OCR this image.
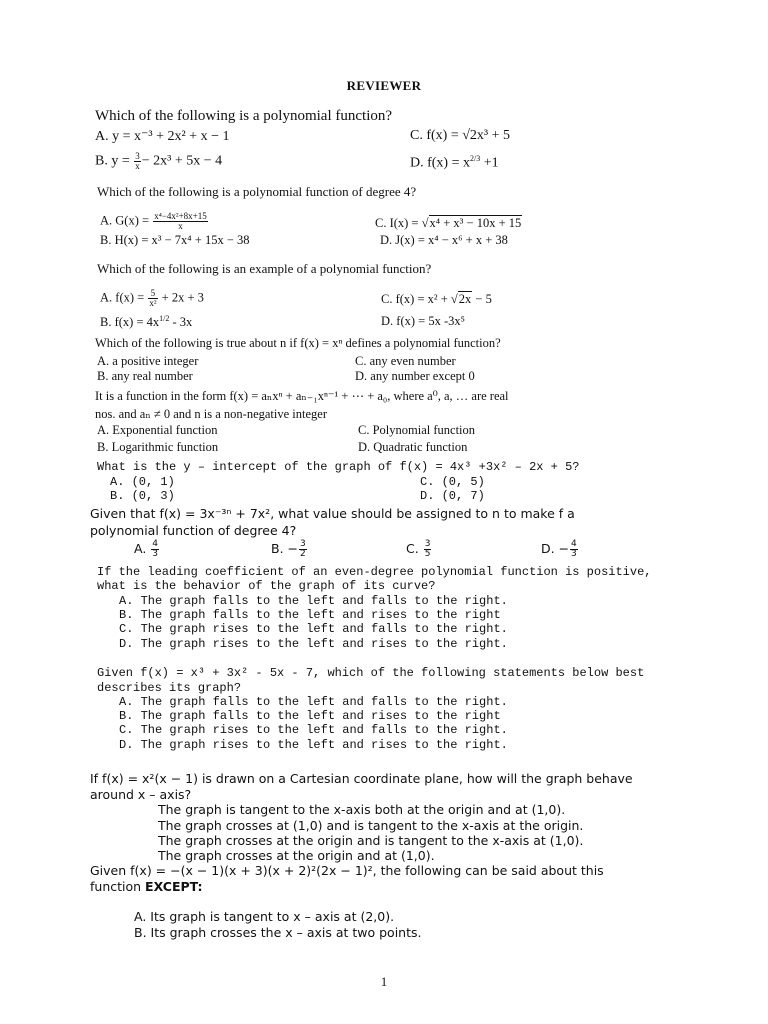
REVIEWER
Which of the following is a polynomial function?
A. y = x⁻³ + 2x² + x − 1	C. f(x) = √2x³ + 5
B. $y = \frac{3}{x} - 2x^3 + 5x - 4$	D. $f(x) = x^{2/3} +1$
Which of the following is a polynomial function of degree 4?
A. $G(x) = \frac{\text{x⁴−4x²+8x+15}}{x}$	C. I(x) = √x⁴ + x³ − 10x + 15
B. H(x) = x³ − 7x⁴ + 15x − 38	D. J(x) = x⁴ − x⁶ + x + 38
Which of the following is an example of a polynomial function?
A. $f(x) = \frac{5}{\text{x²}} + 2x + 3$	C. f(x) = x² + √2x − 5
B. $f(x) = 4x^{1/2} - 3x$	D. f(x) = 5x -3x⁵
Which of the following is true about n if f(x) = xⁿ defines a polynomial function?
A. a positive integer	C. any even number
B. any real number	D. any number except 0
It is a function in the form f(x) = aₙxⁿ + aₙ₋₁xⁿ⁻¹ + ⋯ + a₀, where a⁰, a, … are real
nos. and aₙ ≠ 0 and n is a non-negative integer
A. Exponential function	C. Polynomial function
B. Logarithmic function	D. Quadratic function
What is the y – intercept of the graph of f(x) = 4x³ +3x² – 2x + 5?
A. (0, 1)	C. (0, 5)
B. (0, 3)	D. (0, 7)
Given that f(x) = 3x⁻³ⁿ + 7x², what value should be assigned to n to make f a
polynomial function of degree 4?
A. $\frac{4}{3}$	B. − $\frac{3}{2}$	C. $\frac{3}{5}$	D. − $\frac{4}{3}$
If the leading coefficient of an even-degree polynomial function is positive,
what is the behavior of the graph of its curve?
A. The graph falls to the left and falls to the right.
B. The graph falls to the left and rises to the right
C. The graph rises to the left and falls to the right.
D. The graph rises to the left and rises to the right.
Given f(x) = x³ + 3x² - 5x - 7, which of the following statements below best
describes its graph?
A. The graph falls to the left and falls to the right.
B. The graph falls to the left and rises to the right
C. The graph rises to the left and falls to the right.
D. The graph rises to the left and rises to the right.
If f(x) = x²(x − 1) is drawn on a Cartesian coordinate plane, how will the graph behave
around x – axis?
The graph is tangent to the x-axis both at the origin and at (1,0).
The graph crosses at (1,0) and is tangent to the x-axis at the origin.
The graph crosses at the origin and is tangent to the x-axis at (1,0).
The graph crosses at the origin and at (1,0).
Given f(x) = −(x − 1)(x + 3)(x + 2)²(2x − 1)², the following can be said about this
function EXCEPT:
A. Its graph is tangent to x – axis at (2,0).
B. Its graph crosses the x – axis at two points.
1
